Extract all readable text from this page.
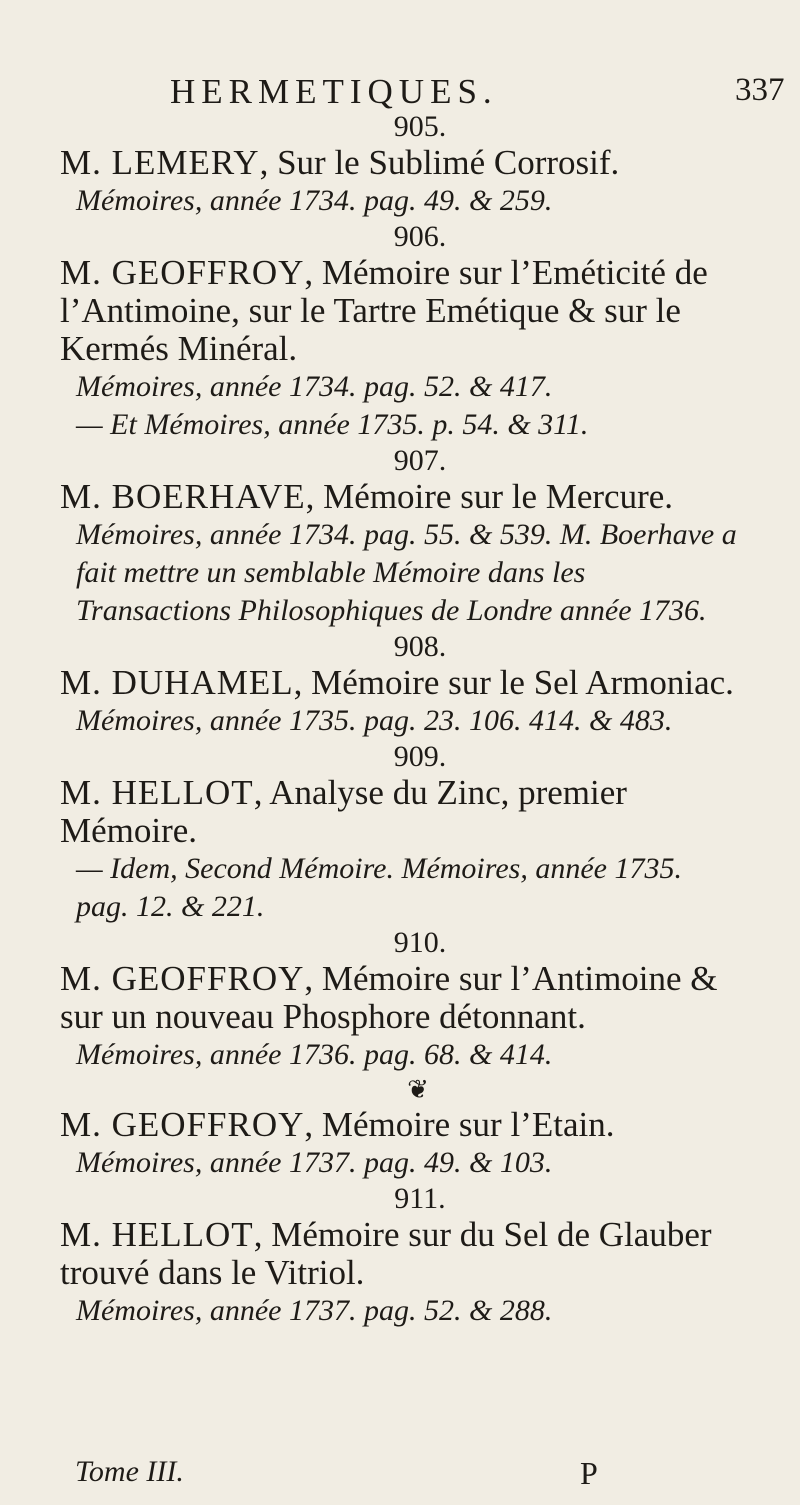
HERMETIQUES.	337
905.

M. LEMERY, Sur le Sublimé Corrosif.

Mémoires, année 1734. pag. 49. & 259.

906.

M. GEOFFROY, Mémoire sur l’Eméticité de l’Antimoine, sur le Tartre Emétique & sur le Kermés Minéral.

Mémoires, année 1734. pag. 52. & 417.

— Et Mémoires, année 1735. p. 54. & 311.

907.

M. BOERHAVE, Mémoire sur le Mercure.

Mémoires, année 1734. pag. 55. & 539. M. Boerhave a fait mettre un semblable Mémoire dans les Transactions Philosophiques de Londre année 1736.

908.

M. DUHAMEL, Mémoire sur le Sel Armoniac.

Mémoires, année 1735. pag. 23. 106. 414. & 483.

909.

M. HELLOT, Analyse du Zinc, premier Mémoire.

— Idem, Second Mémoire. Mémoires, année 1735. pag. 12. & 221.

910.

M. GEOFFROY, Mémoire sur l’Antimoine & sur un nouveau Phosphore détonnant.

Mémoires, année 1736. pag. 68. & 414.

❦

M. GEOFFROY, Mémoire sur l’Etain.

Mémoires, année 1737. pag. 49. & 103.

911.

M. HELLOT, Mémoire sur du Sel de Glauber trouvé dans le Vitriol.

Mémoires, année 1737. pag. 52. & 288.

Tome III.	P
